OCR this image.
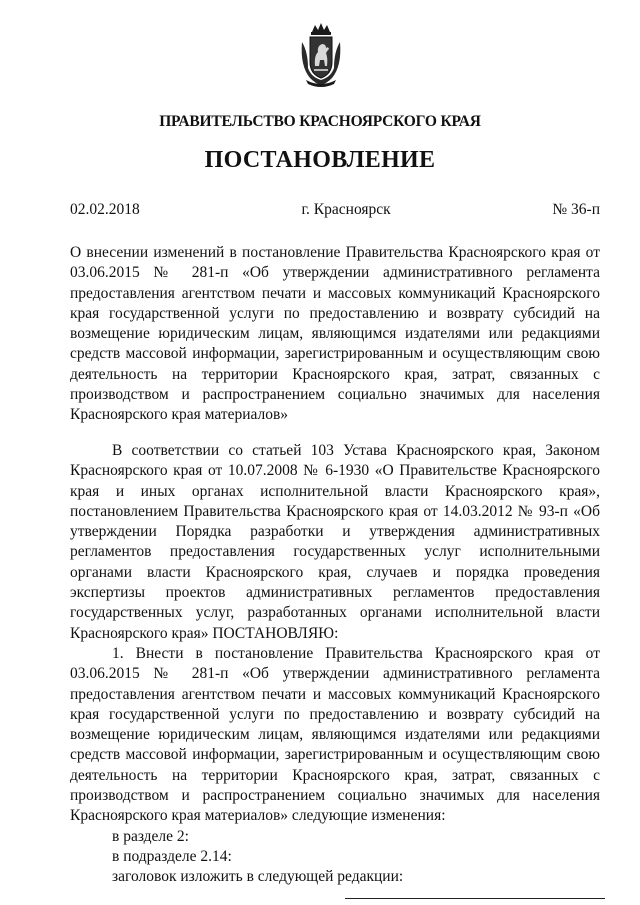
ПРАВИТЕЛЬСТВО КРАСНОЯРСКОГО КРАЯ
ПОСТАНОВЛЕНИЕ
02.02.2018	г. Красноярск	№ 36-п
О внесении изменений в постановление Правительства Красноярского края от 03.06.2015 № 281-п «Об утверждении административного регламента предоставления агентством печати и массовых коммуникаций Красноярского края государственной услуги по предоставлению и возврату субсидий на возмещение юридическим лицам, являющимся издателями или редакциями средств массовой информации, зарегистрированным и осуществляющим свою деятельность на территории Красноярского края, затрат, связанных с производством и распространением социально значимых для населения Красноярского края материалов»

В соответствии со статьей 103 Устава Красноярского края, Законом Красноярского края от 10.07.2008 № 6-1930 «О Правительстве Красноярского края и иных органах исполнительной власти Красноярского края», постановлением Правительства Красноярского края от 14.03.2012 № 93-п «Об утверждении Порядка разработки и утверждения административных регламентов предоставления государственных услуг исполнительными органами власти Красноярского края, случаев и порядка проведения экспертизы проектов административных регламентов предоставления государственных услуг, разработанных органами исполнительной власти Красноярского края» ПОСТАНОВЛЯЮ:

1. Внести в постановление Правительства Красноярского края от 03.06.2015 № 281-п «Об утверждении административного регламента предоставления агентством печати и массовых коммуникаций Красноярского края государственной услуги по предоставлению и возврату субсидий на возмещение юридическим лицам, являющимся издателями или редакциями средств массовой информации, зарегистрированным и осуществляющим свою деятельность на территории Красноярского края, затрат, связанных с производством и распространением социально значимых для населения Красноярского края материалов» следующие изменения:

в разделе 2:

в подразделе 2.14:

заголовок изложить в следующей редакции:
